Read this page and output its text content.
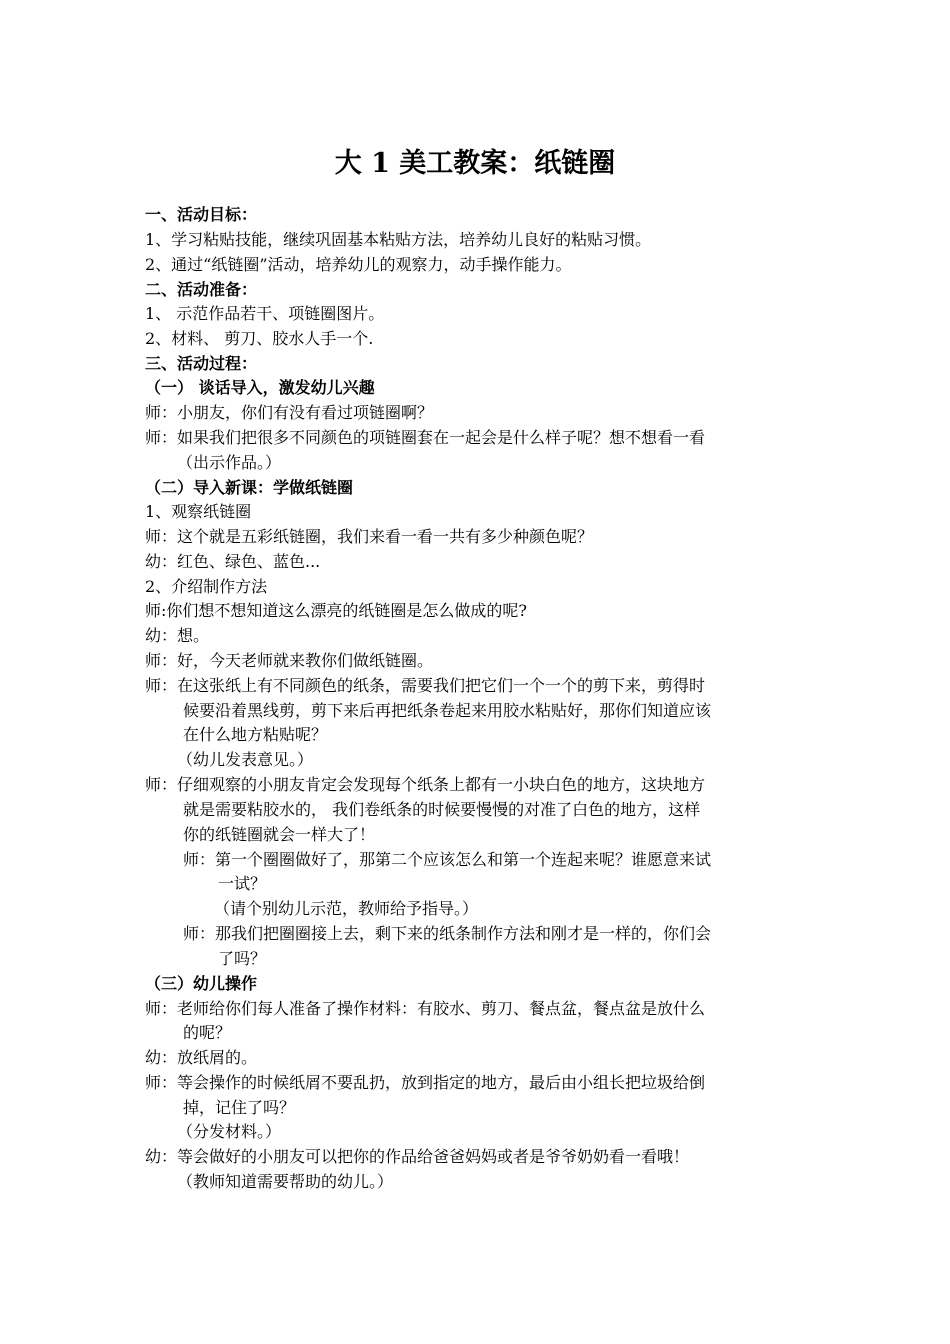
大 1 美工教案：纸链圈
一、活动目标：
1、学习粘贴技能，继续巩固基本粘贴方法，培养幼儿良好的粘贴习惯。
2、通过“纸链圈”活动，培养幼儿的观察力，动手操作能力。
二、活动准备：
1、 示范作品若干、项链圈图片。
2、材料、 剪刀、胶水人手一个.
三、活动过程：
（一） 谈话导入，激发幼儿兴趣
师：小朋友，你们有没有看过项链圈啊？
师：如果我们把很多不同颜色的项链圈套在一起会是什么样子呢？想不想看一看
（出示作品。）
（二）导入新课：学做纸链圈
1、观察纸链圈
师：这个就是五彩纸链圈，我们来看一看一共有多少种颜色呢？
幼：红色、绿色、蓝色...
2、介绍制作方法
师:你们想不想知道这么漂亮的纸链圈是怎么做成的呢?
幼：想。
师：好，今天老师就来教你们做纸链圈。
师：在这张纸上有不同颜色的纸条，需要我们把它们一个一个的剪下来，剪得时
候要沿着黑线剪，剪下来后再把纸条卷起来用胶水粘贴好，那你们知道应该
在什么地方粘贴呢？
（幼儿发表意见。）
师：仔细观察的小朋友肯定会发现每个纸条上都有一小块白色的地方，这块地方
就是需要粘胶水的， 我们卷纸条的时候要慢慢的对准了白色的地方，这样
你的纸链圈就会一样大了！
师：第一个圈圈做好了，那第二个应该怎么和第一个连起来呢？谁愿意来试
一试？
（请个别幼儿示范，教师给予指导。）
师：那我们把圈圈接上去，剩下来的纸条制作方法和刚才是一样的，你们会
了吗？
（三）幼儿操作
师：老师给你们每人准备了操作材料：有胶水、剪刀、餐点盆，餐点盆是放什么
的呢？
幼：放纸屑的。
师：等会操作的时候纸屑不要乱扔，放到指定的地方，最后由小组长把垃圾给倒
掉，记住了吗？
（分发材料。）
幼：等会做好的小朋友可以把你的作品给爸爸妈妈或者是爷爷奶奶看一看哦！
（教师知道需要帮助的幼儿。）
